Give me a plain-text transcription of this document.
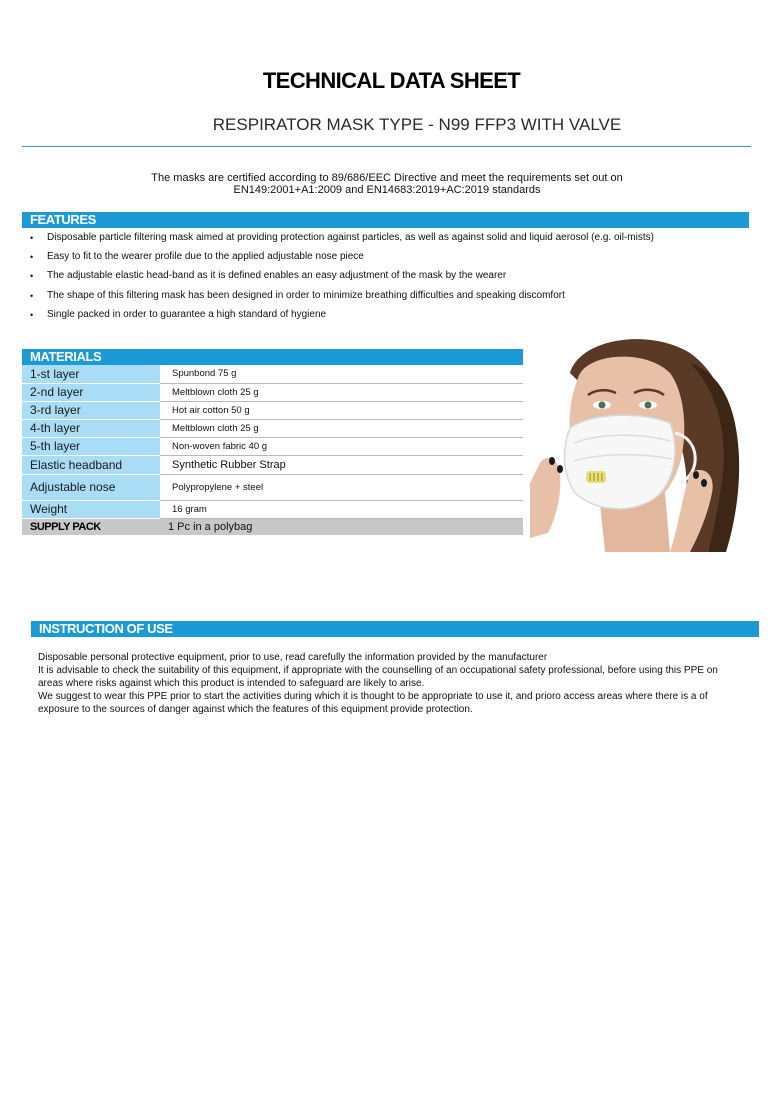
TECHNICAL DATA SHEET
RESPIRATOR MASK TYPE - N99 FFP3 WITH VALVE
The masks are certified according to 89/686/EEC Directive and meet the requirements set out on
EN149:2001+A1:2009 and EN14683:2019+AC:2019 standards
FEATURES
• Disposable particle filtering mask aimed at providing protection against particles, as well as against solid and liquid aerosol (e.g. oil-mists)
• Easy to fit to the wearer profile due to the applied adjustable nose piece
• The adjustable elastic head-band as it is defined enables an easy adjustment of the mask by the wearer
• The shape of this filtering mask has been designed in order to minimize breathing difficulties and speaking discomfort
• Single packed in order to guarantee a high standard of hygiene
MATERIALS
1-st layer	Spunbond 75 g
2-nd layer	Meltblown cloth 25 g
3-rd layer	Hot air cotton 50 g
4-th layer	Meltblown cloth 25 g
5-th layer	Non-woven fabric 40 g
Elastic headband	Synthetic Rubber Strap
Adjustable nose	Polypropylene + steel
Weight	16 gram
SUPPLY PACK	1 Pc in a polybag
INSTRUCTION OF USE

Disposable personal protective equipment, prior to use, read carefully the information provided by the manufacturer

It is advisable to check the suitability of this equipment, if appropriate with the counselling of an occupational safety professional, before using this PPE on

areas where risks against which this product is intended to safeguard are likely to arise.

We suggest to wear this PPE prior to start the activities during which it is thought to be appropriate to use it, and prioro access areas where there is a of

exposure to the sources of danger against which the features of this equipment provide protection.
